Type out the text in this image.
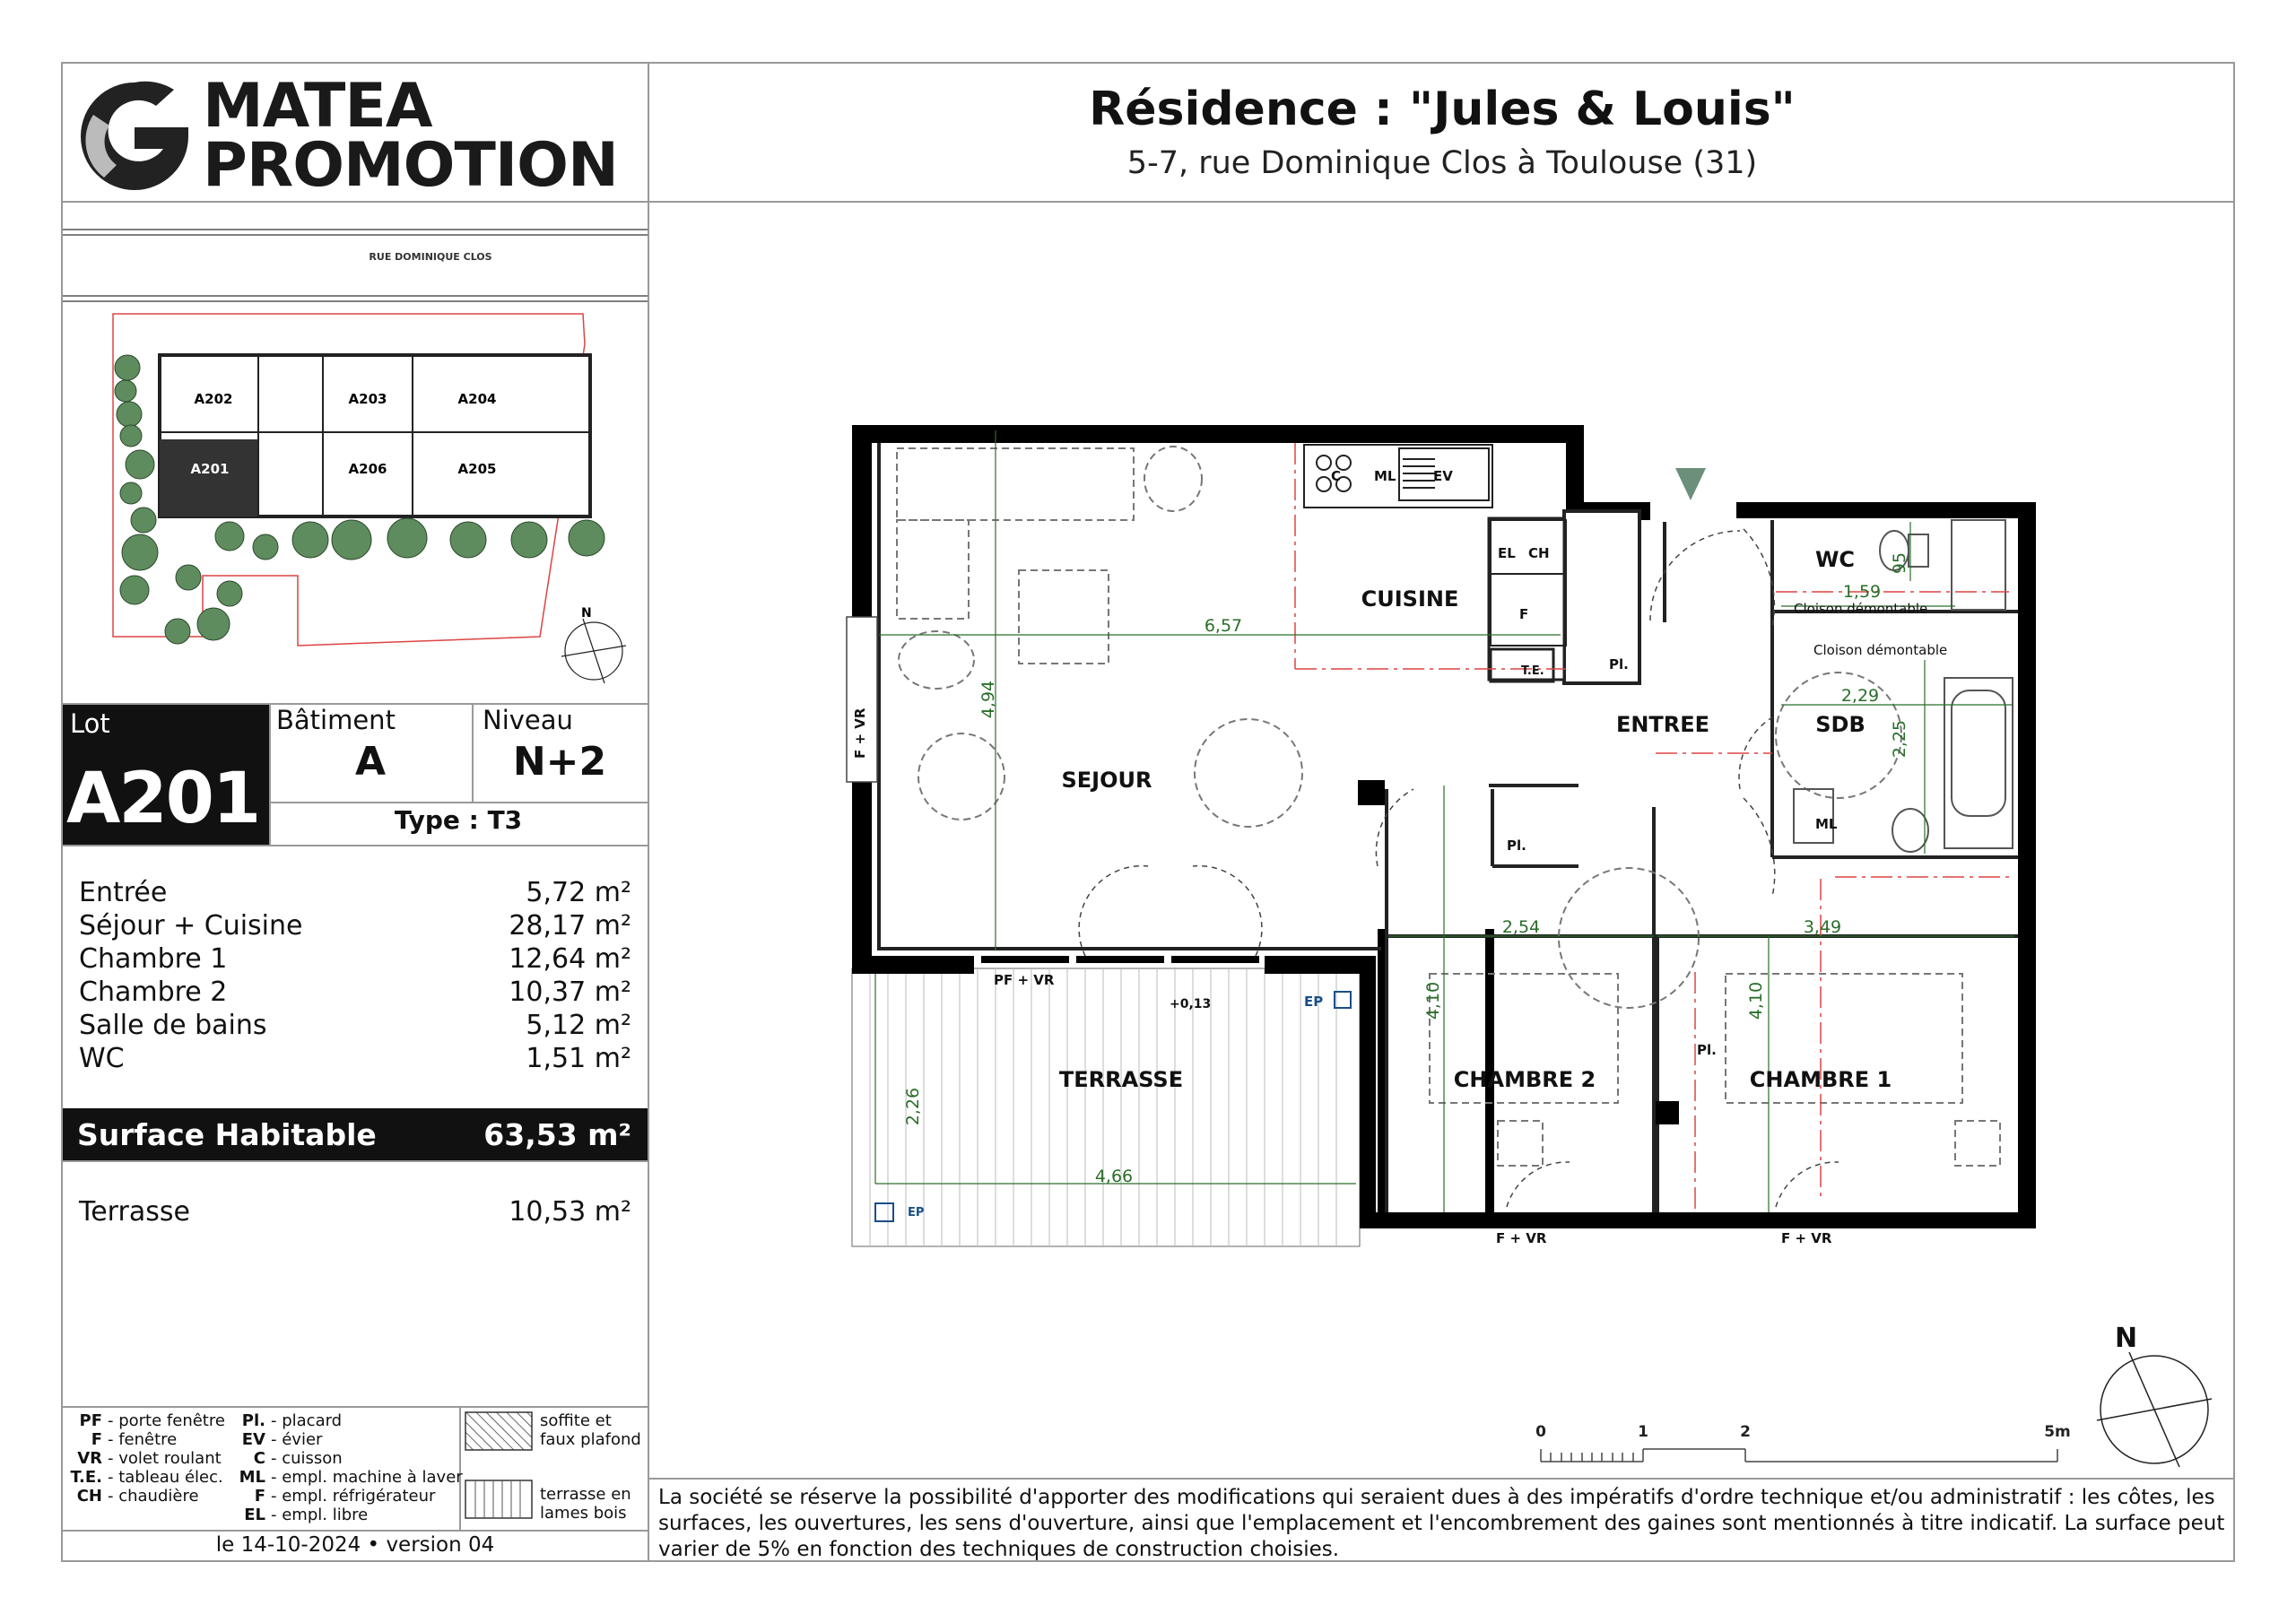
MATEA
PROMOTION
Résidence : "Jules & Louis"
5-7, rue Dominique Clos à Toulouse (31)
RUE DOMINIQUE CLOS
A202	A203	A204
A201	A206	A205
N
Lot
A201
Bâtiment
A
Niveau
N+2
Type : T3
Entrée	5,72 m²
Séjour + Cuisine	28,17 m²
Chambre 1	12,64 m²
Chambre 2	10,37 m²
Salle de bains	5,12 m²
WC	1,51 m²
Surface Habitable	63,53 m²
Terrasse	10,53 m²
PF - porte fenêtre
F - fenêtre
VR - volet roulant
T.E. - tableau élec.
CH - chaudière
Pl. - placard
EV - évier
C - cuisson
ML - empl. machine à laver
F - empl. réfrigérateur
EL - empl. libre
soffite et faux plafond
terrasse en lames bois
le 14-10-2024 • version 04
SEJOUR
CUISINE
ENTREE
WC
SDB
CHAMBRE 1
CHAMBRE 2
TERRASSE
C ML	EV
EL CH
F
T.E.	Pl.
Pl.
Pl.
ML
PF + VR
F + VR	F + VR
F + VR
EP
EP
+0,13
Cloison démontable
Cloison démontable
6,57
4,94
1,59
95
2,29
2,25
2,54	3,49
4,10	4,10
2,26
4,66
0	1	2	5m
N
La société se réserve la possibilité d'apporter des modifications qui seraient dues à des impératifs d'ordre technique et/ou administratif : les côtes, les surfaces, les ouvertures, les sens d'ouverture, ainsi que l'emplacement et l'encombrement des gaines sont mentionnés à titre indicatif. La surface peut varier de 5% en fonction des techniques de construction choisies.
